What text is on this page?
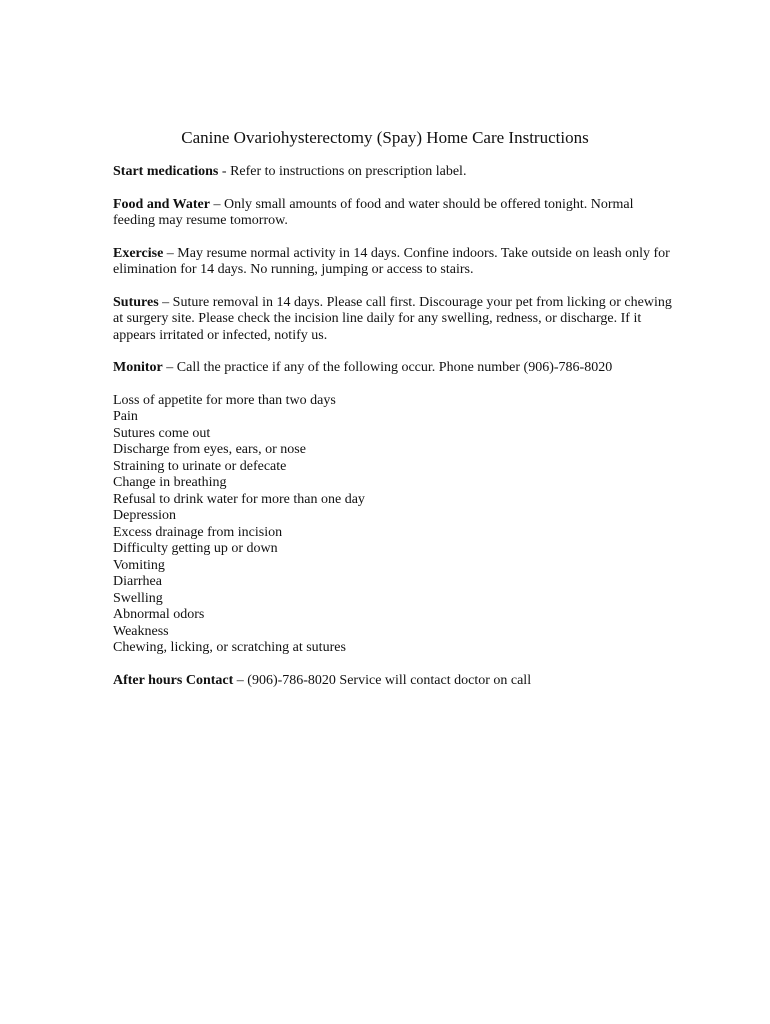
Canine Ovariohysterectomy (Spay) Home Care Instructions

Start medications - Refer to instructions on prescription label.

Food and Water – Only small amounts of food and water should be offered tonight. Normal feeding may resume tomorrow.

Exercise – May resume normal activity in 14 days. Confine indoors. Take outside on leash only for elimination for 14 days. No running, jumping or access to stairs.

Sutures – Suture removal in 14 days. Please call first. Discourage your pet from licking or chewing at surgery site. Please check the incision line daily for any swelling, redness, or discharge. If it appears irritated or infected, notify us.

Monitor – Call the practice if any of the following occur. Phone number (906)-786-8020

Loss of appetite for more than two days
Pain
Sutures come out
Discharge from eyes, ears, or nose
Straining to urinate or defecate
Change in breathing
Refusal to drink water for more than one day
Depression
Excess drainage from incision
Difficulty getting up or down
Vomiting
Diarrhea
Swelling
Abnormal odors
Weakness
Chewing, licking, or scratching at sutures

After hours Contact – (906)-786-8020 Service will contact doctor on call
